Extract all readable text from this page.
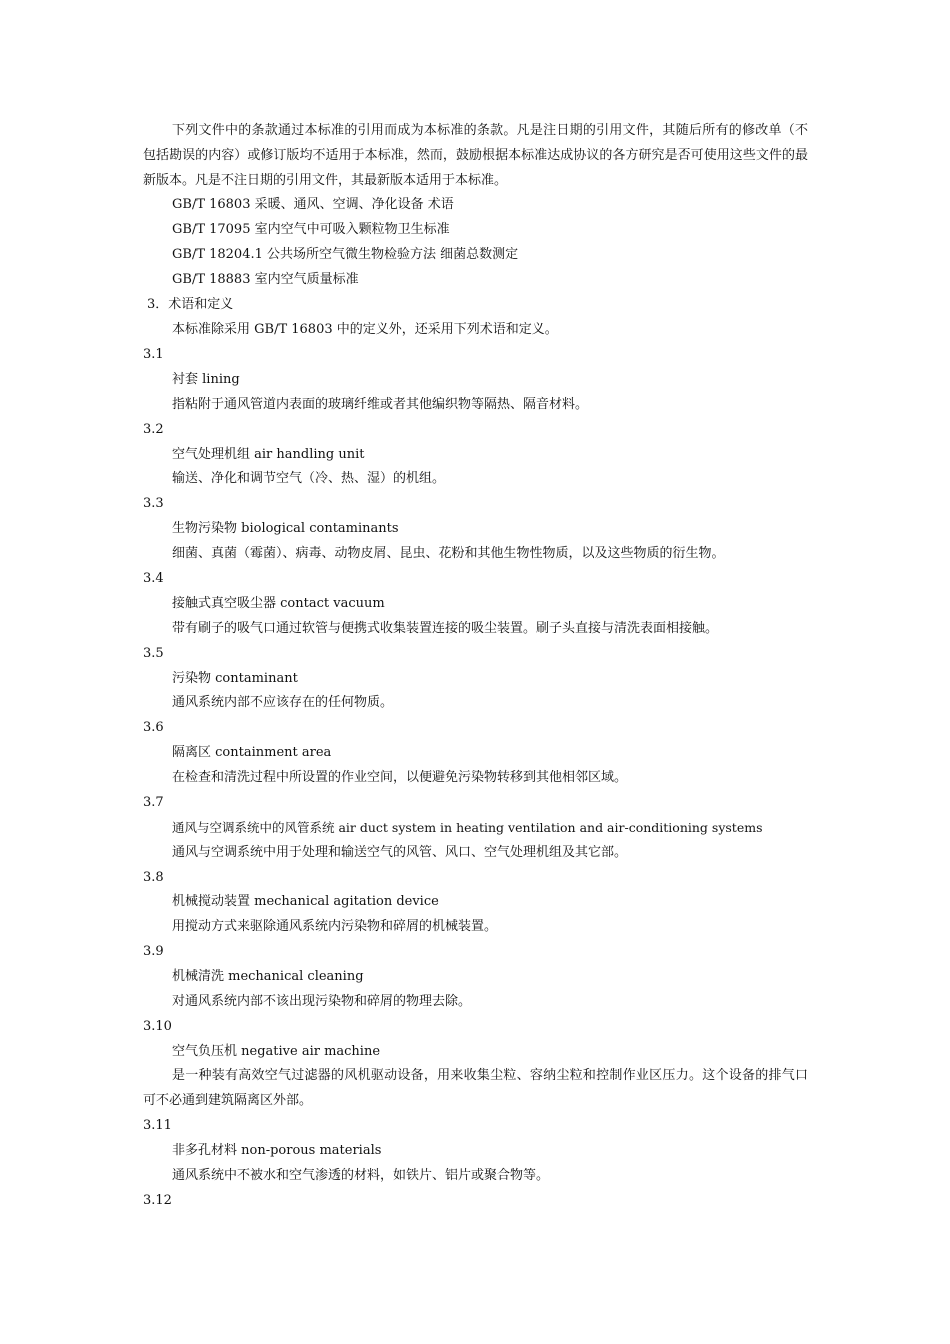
下列文件中的条款通过本标准的引用而成为本标准的条款。凡是注日期的引用文件，其随后所有的修改单（不包括勘误的内容）或修订版均不适用于本标准，然而，鼓励根据本标准达成协议的各方研究是否可使用这些文件的最新版本。凡是不注日期的引用文件，其最新版本适用于本标准。
GB/T 16803 采暖、通风、空调、净化设备 术语
GB/T 17095 室内空气中可吸入颗粒物卫生标准
GB/T 18204.1 公共场所空气微生物检验方法 细菌总数测定
GB/T 18883 室内空气质量标准
3．术语和定义
本标准除采用 GB/T 16803 中的定义外，还采用下列术语和定义。
3.1
衬套 lining
指粘附于通风管道内表面的玻璃纤维或者其他编织物等隔热、隔音材料。
3.2
空气处理机组 air handling unit
输送、净化和调节空气（冷、热、湿）的机组。
3.3
生物污染物 biological contaminants
细菌、真菌（霉菌）、病毒、动物皮屑、昆虫、花粉和其他生物性物质，以及这些物质的衍生物。
3.4
接触式真空吸尘器 contact vacuum
带有刷子的吸气口通过软管与便携式收集装置连接的吸尘装置。刷子头直接与清洗表面相接触。
3.5
污染物 contaminant
通风系统内部不应该存在的任何物质。
3.6
隔离区 containment area
在检查和清洗过程中所设置的作业空间，以便避免污染物转移到其他相邻区域。
3.7
通风与空调系统中的风管系统 air duct system in heating ventilation and air-conditioning systems
通风与空调系统中用于处理和输送空气的风管、风口、空气处理机组及其它部。
3.8
机械搅动装置 mechanical agitation device
用搅动方式来驱除通风系统内污染物和碎屑的机械装置。
3.9
机械清洗 mechanical cleaning
对通风系统内部不该出现污染物和碎屑的物理去除。
3.10
空气负压机 negative air machine
是一种装有高效空气过滤器的风机驱动设备，用来收集尘粒、容纳尘粒和控制作业区压力。这个设备的排气口可不必通到建筑隔离区外部。
3.11
非多孔材料 non-porous materials
通风系统中不被水和空气渗透的材料，如铁片、铝片或聚合物等。
3.12
